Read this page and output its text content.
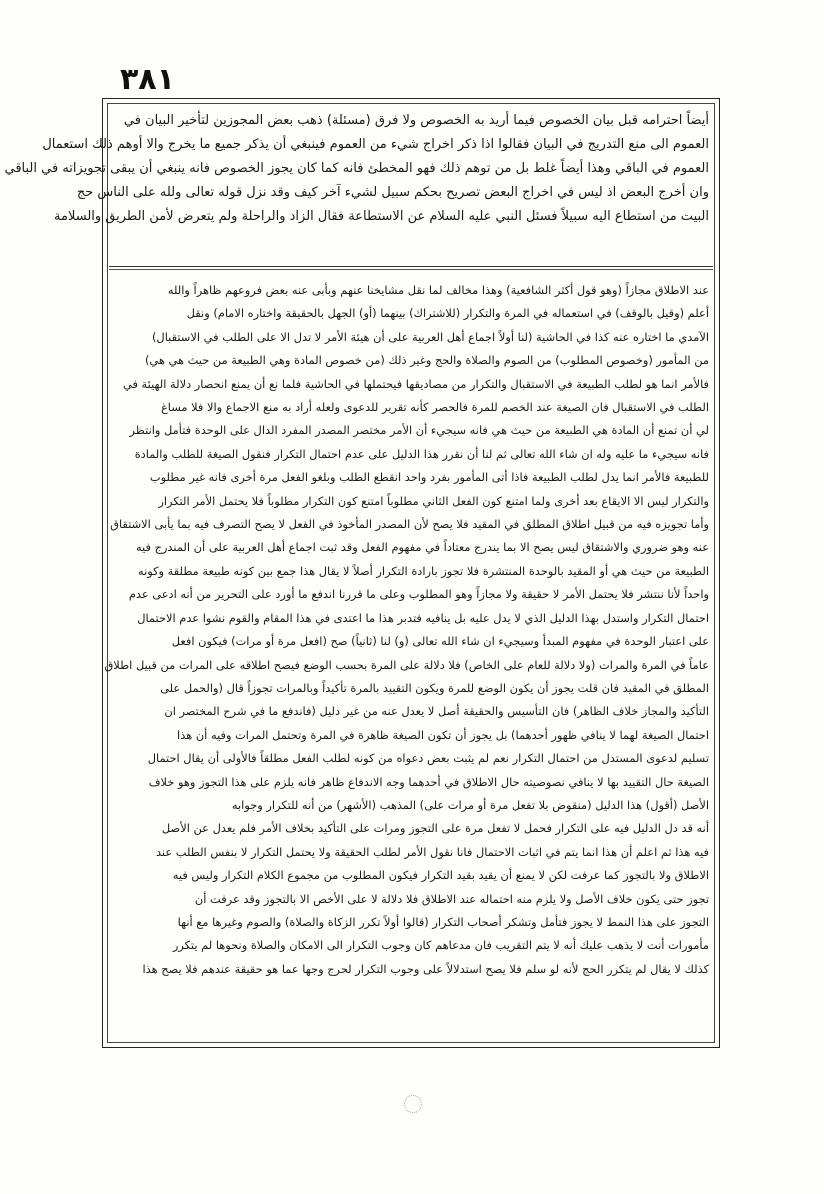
٣٨١
أيضاً احترامه قبل بيان الخصوص فيما أريد به الخصوص ولا فرق (مسئلة) ذهب بعض المجوزين لتأخير البيان في
العموم الى منع التدريج في البيان فقالوا اذا ذكر اخراج شيء من العموم فينبغي أن يذكر جميع ما يخرج والا أوهم ذلك استعمال
العموم في الباقي وهذا أيضاً غلط بل من توهم ذلك فهو المخطئ فانه كما كان يجوز الخصوص فانه ينبغي أن يبقى تجويزاته في الباقي
وان أخرج البعض اذ ليس في اخراج البعض تصريح بحكم سبيل لشيء آخر كيف وقد نزل قوله تعالى ولله على الناس حج
البيت من استطاع اليه سبيلاً فسئل النبي عليه السلام عن الاستطاعة فقال الزاد والراحلة ولم يتعرض لأمن الطريق والسلامة
عند الاطلاق مجازاً (وهو قول أكثر الشافعية) وهذا مخالف لما نقل مشايخنا عنهم وبأبى عنه بعض فروعهم ظاهراً والله
أعلم (وقيل بالوقف) في استعماله في المرة والتكرار (للاشتراك) بينهما (أو) الجهل بالحقيقة واختاره الامام) ونقل
الآمدي ما اختاره عنه كذا في الحاشية (لنا أولاً اجماع أهل العربية على أن هيئة الأمر لا تدل الا على الطلب في الاستقبال)
من المأمور (وخصوص المطلوب) من الصوم والصلاة والحج وغير ذلك (من خصوص المادة وهي الطبيعة من حيث هي هي)
فالأمر انما هو لطلب الطبيعة في الاستقبال والتكرار من مصاديقها فيحتملها في الحاشية فلما نع أن يمنع انحصار دلالة الهيئة في
الطلب في الاستقبال فان الصيغة عند الخصم للمرة فالحصر كأنه تقرير للدعوى ولعله أراد به منع الاجماع والا فلا مساغ
لي أن تمنع أن المادة هي الطبيعة من حيث هي فانه سيجيء أن الأمر مختصر المصدر المفرد الدال على الوحدة فتأمل وانتظر
فانه سيجيء ما عليه وله ان شاء الله تعالى ثم لنا أن نقرر هذا الدليل على عدم احتمال التكرار فنقول الصيغة للطلب والمادة
للطبيعة فالأمر انما يدل لطلب الطبيعة فاذا أتى المأمور بفرد واحد انقطع الطلب وبلغو الفعل مرة أخرى فانه غير مطلوب
والتكرار ليس الا الايقاع بعد أخرى ولما امتنع كون الفعل الثاني مطلوباً امتنع كون التكرار مطلوباً فلا يحتمل الأمر التكرار
وأما تجويزه فيه من قبيل اطلاق المطلق في المقيد فلا يصح لأن المصدر المأخوذ في الفعل لا يصح التصرف فيه بما يأبى الاشتقاق
عنه وهو ضروري والاشتقاق ليس يصح الا بما يندرج معتاداً في مفهوم الفعل وقد ثبت اجماع أهل العربية على أن المندرج فيه
الطبيعة من حيث هي أو المقيد بالوحدة المنتشرة فلا تجوز بارادة التكرار أصلاً لا يقال هذا جمع بين كونه طبيعة مطلقة وكونه
واحداً لأنا ننتشر فلا يحتمل الأمر لا حقيقة ولا مجازاً وهو المطلوب وعلى ما قررنا اندفع ما أورد على التحرير من أنه ادعى عدم
احتمال التكرار واستدل بهذا الدليل الذي لا يدل عليه بل ينافيه فتدبر هذا ما اعتدى في هذا المقام والقوم نشوا عدم الاحتمال
على اعتبار الوحدة في مفهوم المبدأ وسيجيء ان شاء الله تعالى (و) لنا (ثانياً) صح (افعل مرة أو مرات) فيكون افعل
عاماً في المرة والمرات (ولا دلالة للعام على الخاص) فلا دلالة على المرة بحسب الوضع فيصح اطلاقه على المرات من قبيل اطلاق
المطلق في المقيد فان قلت يجوز أن يكون الوضع للمرة ويكون التقييد بالمرة تأكيداً وبالمرات تجوزاً قال (والحمل على
التأكيد والمجاز خلاف الظاهر) فان التأسيس والحقيقة أصل لا يعدل عنه من غير دليل (فاندفع ما في شرح المختصر ان
احتمال الصيغة لهما لا ينافي ظهور أحدهما) بل يجوز أن تكون الصيغة ظاهرة في المرة وتحتمل المرات وفيه أن هذا
تسليم لدعوى المستدل من احتمال التكرار نعم لم يثبت بعض دعواه من كونه لطلب الفعل مطلقاً فالأولى أن يقال احتمال
الصيغة حال التقييد بها لا ينافي نصوصيته حال الاطلاق في أحدهما وجه الاندفاع ظاهر فانه يلزم على هذا التجوز وهو خلاف
الأصل (أقول) هذا الدليل (منقوض بلا تفعل مرة أو مرات على) المذهب (الأشهر) من أنه للتكرار وجوابه
أنه قد دل الدليل فيه على التكرار فحمل لا تفعل مرة على التجوز ومرات على التأكيد بخلاف الأمر فلم يعدل عن الأصل
فيه هذا ثم اعلم أن هذا انما يتم في اثبات الاحتمال فانا نقول الأمر لطلب الحقيقة ولا يحتمل التكرار لا بنفس الطلب عند
الاطلاق ولا بالتجوز كما عرفت لكن لا يمنع أن يقيد بقيد التكرار فيكون المطلوب من مجموع الكلام التكرار وليس فيه
تجوز حتى يكون خلاف الأصل ولا يلزم منه احتماله عند الاطلاق فلا دلالة لا على الأخص الا بالتجوز وقد عرفت أن
التجوز على هذا النمط لا يجوز فتأمل وتشكر أصحاب التكرار (قالوا أولاً تكرر الزكاة والصلاة) والصوم وغيرها مع أنها
مأمورات أنت لا يذهب عليك أنه لا يتم التقريب فان مدعاهم كان وجوب التكرار الى الامكان والصلاة ونحوها لم يتكرر
كذلك لا يقال لم يتكرر الحج لأنه لو سلم فلا يصح استدلالاً على وجوب التكرار لحرج وجها عما هو حقيقة عندهم فلا يصح هذا
